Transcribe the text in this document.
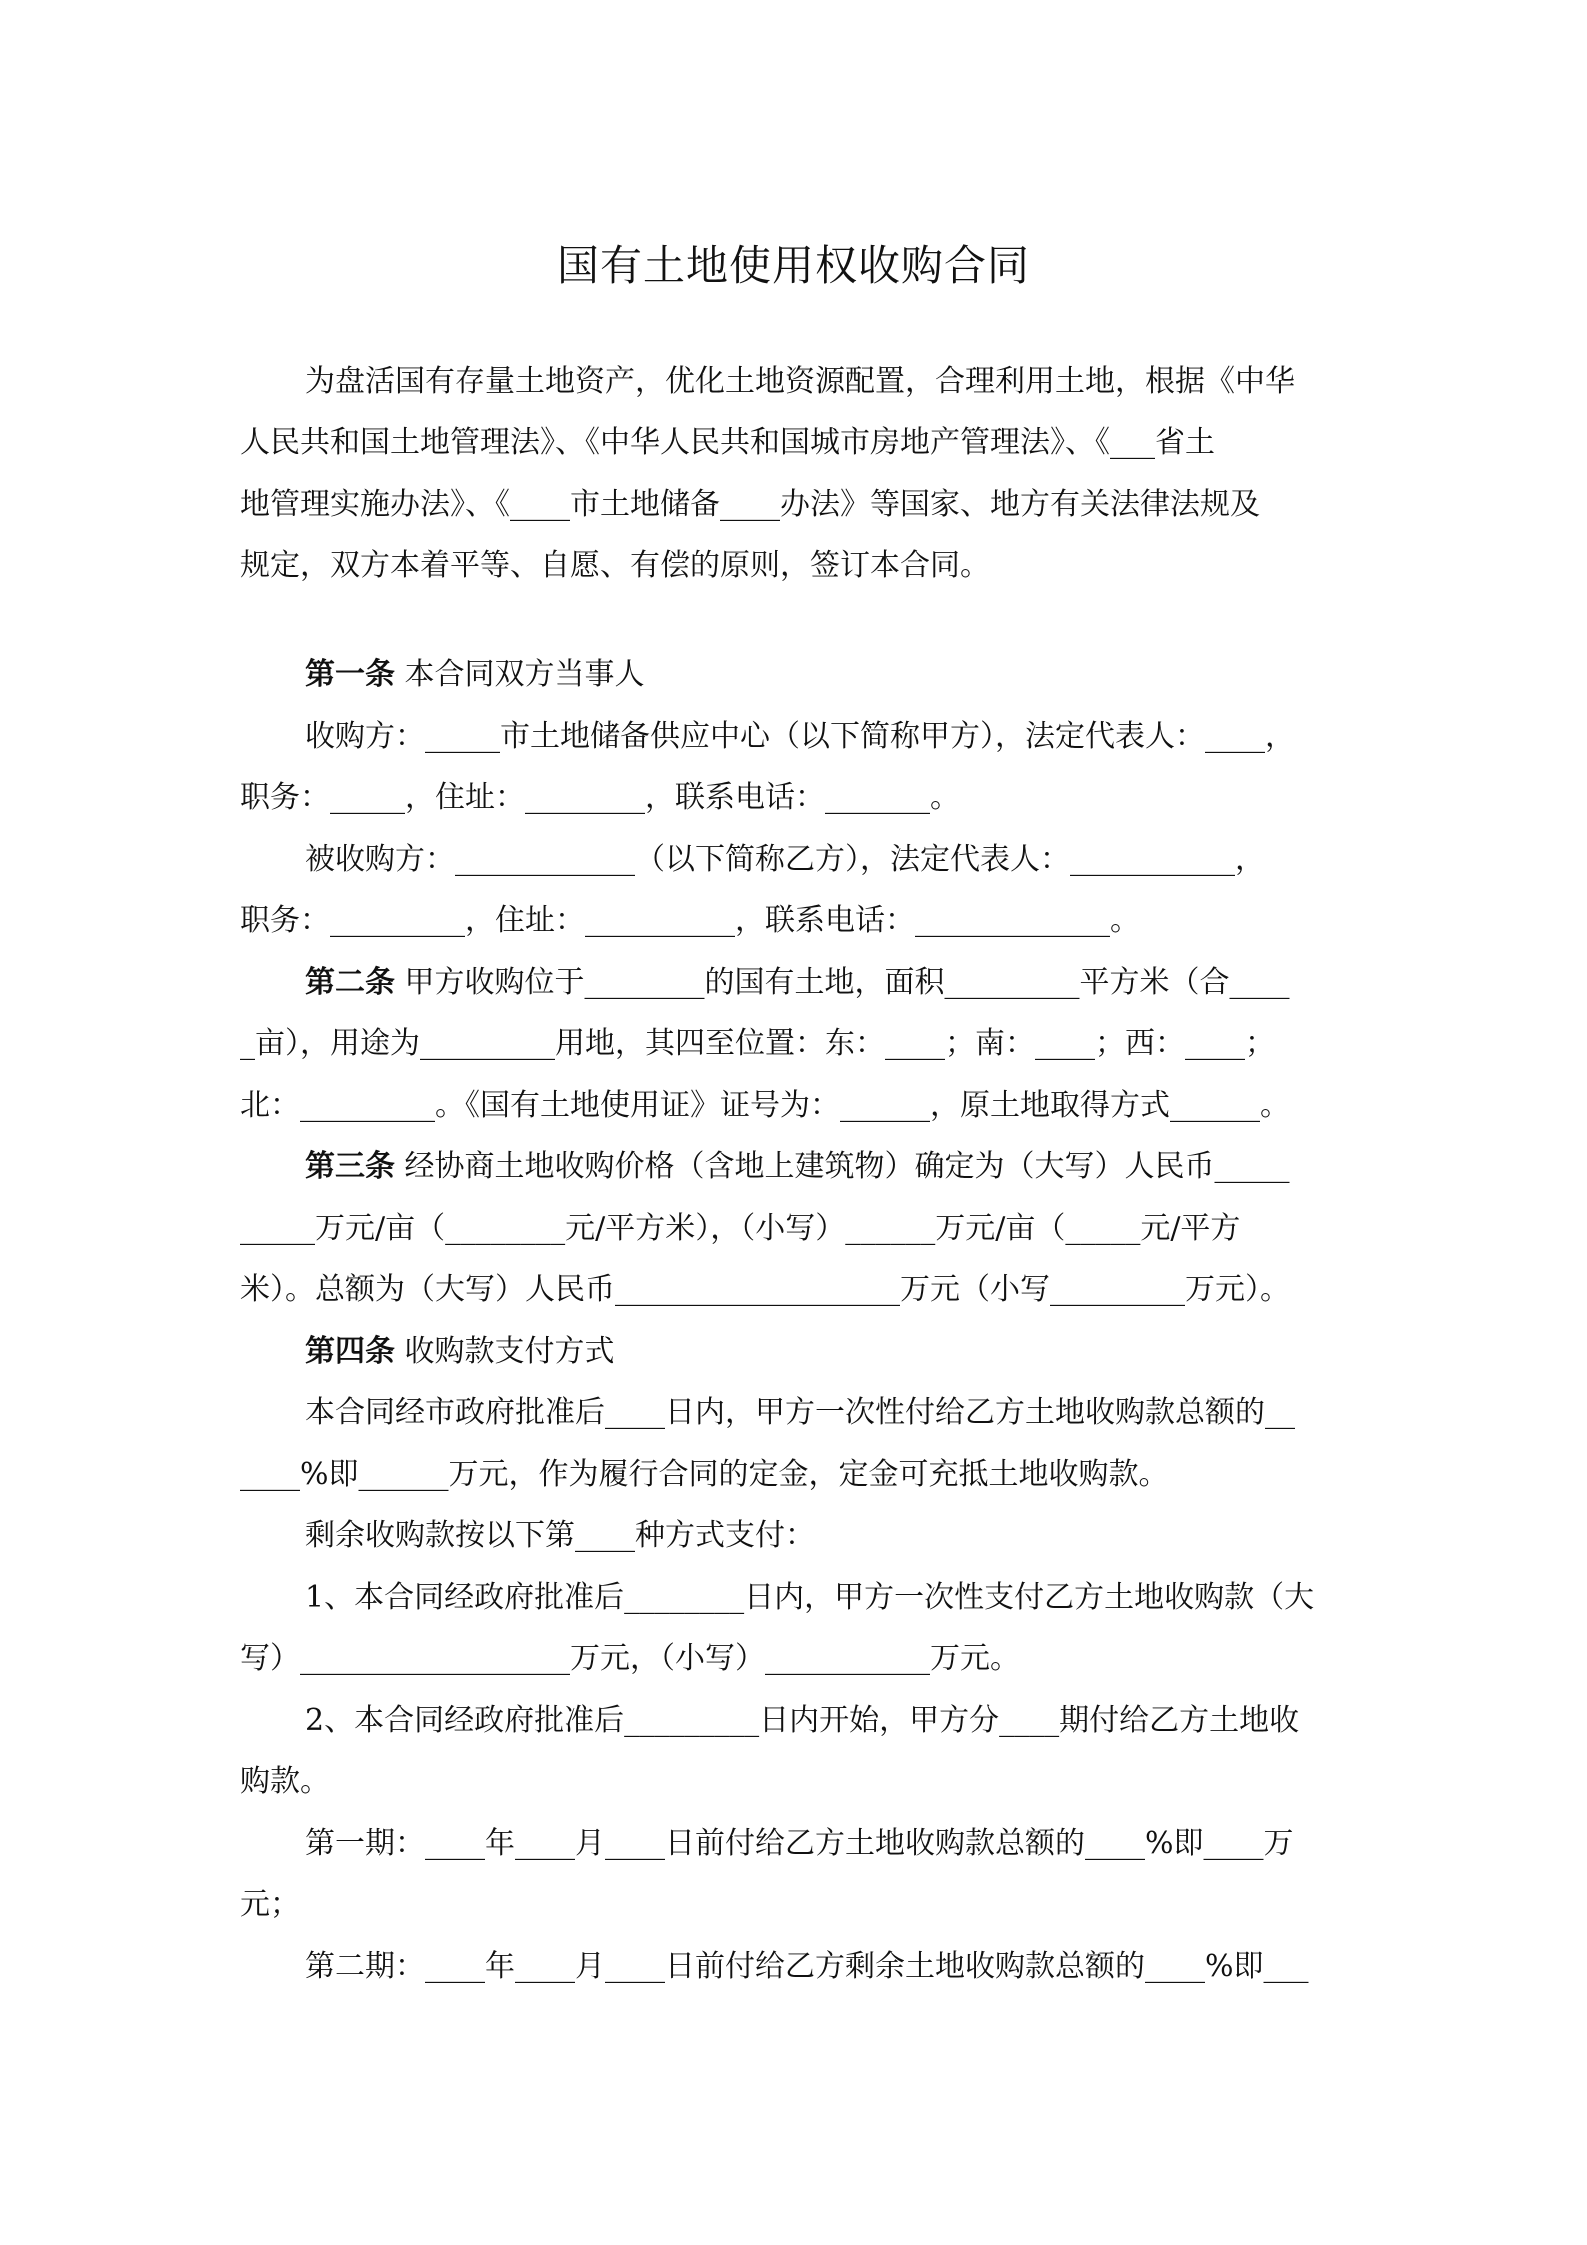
国有土地使用权收购合同
为盘活国有存量土地资产，优化土地资源配置，合理利用土地，根据《中华
人民共和国土地管理法》、《中华人民共和国城市房地产管理法》、《___省土
地管理实施办法》、《____市土地储备____办法》等国家、地方有关法律法规及
规定，双方本着平等、自愿、有偿的原则，签订本合同。
第一条 本合同双方当事人
收购方：_____市土地储备供应中心（以下简称甲方），法定代表人：____，
职务：_____，住址：________，联系电话：_______。
被收购方：____________（以下简称乙方），法定代表人：___________，
职务：_________，住址：__________，联系电话：_____________。
第二条 甲方收购位于________的国有土地，面积_________平方米（合____
_亩），用途为_________用地，其四至位置：东：____；南：____；西：____；
北：_________。《国有土地使用证》证号为：______，原土地取得方式______。
第三条 经协商土地收购价格（含地上建筑物）确定为（大写）人民币_____
_____万元/亩（________元/平方米），（小写）______万元/亩（_____元/平方
米）。总额为（大写）人民币___________________万元（小写_________万元）。
第四条 收购款支付方式
本合同经市政府批准后____日内，甲方一次性付给乙方土地收购款总额的__
____%即______万元，作为履行合同的定金，定金可充抵土地收购款。
剩余收购款按以下第____种方式支付：
1、本合同经政府批准后________日内，甲方一次性支付乙方土地收购款（大
写）__________________万元，（小写）___________万元。
2、本合同经政府批准后_________日内开始，甲方分____期付给乙方土地收
购款。
第一期：____年____月____日前付给乙方土地收购款总额的____%即____万
元；
第二期：____年____月____日前付给乙方剩余土地收购款总额的____%即___
